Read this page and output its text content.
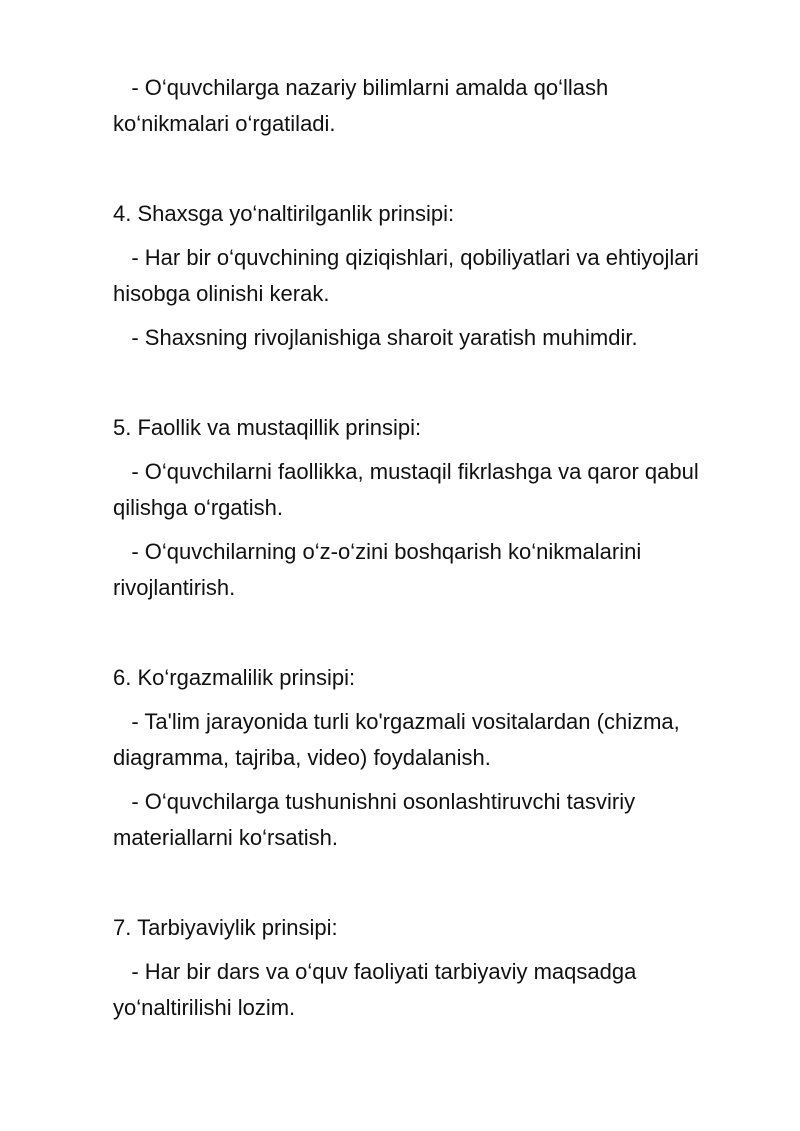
- O‘quvchilarga nazariy bilimlarni amalda qo‘llash ko‘nikmalari o‘rgatiladi.

4. Shaxsga yo‘naltirilganlik prinsipi:

- Har bir o‘quvchining qiziqishlari, qobiliyatlari va ehtiyojlari hisobga olinishi kerak.

- Shaxsning rivojlanishiga sharoit yaratish muhimdir.

5. Faollik va mustaqillik prinsipi:

- O‘quvchilarni faollikka, mustaqil fikrlashga va qaror qabul qilishga o‘rgatish.

- O‘quvchilarning o‘z-o‘zini boshqarish ko‘nikmalarini rivojlantirish.

6. Ko‘rgazmalilik prinsipi:

- Ta'lim jarayonida turli ko'rgazmali vositalardan (chizma, diagramma, tajriba, video) foydalanish.

- O‘quvchilarga tushunishni osonlashtiruvchi tasviriy materiallarni ko‘rsatish.

7. Tarbiyaviylik prinsipi:

- Har bir dars va o‘quv faoliyati tarbiyaviy maqsadga yo‘naltirilishi lozim.
